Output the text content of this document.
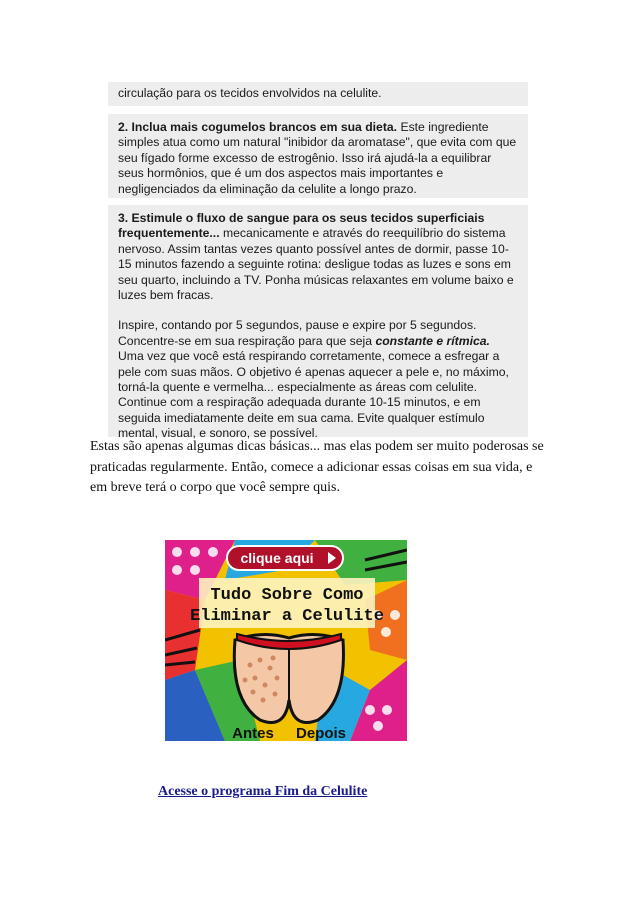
circulação para os tecidos envolvidos na celulite.

2. Inclua mais cogumelos brancos em sua dieta. Este ingrediente simples atua como um natural "inibidor da aromatase", que evita com que seu fígado forme excesso de estrogênio. Isso irá ajudá-la a equilibrar seus hormônios, que é um dos aspectos mais importantes e negligenciados da eliminação da celulite a longo prazo.

3. Estimule o fluxo de sangue para os seus tecidos superficiais frequentemente... mecanicamente e através do reequilíbrio do sistema nervoso. Assim tantas vezes quanto possível antes de dormir, passe 10-15 minutos fazendo a seguinte rotina: desligue todas as luzes e sons em seu quarto, incluindo a TV. Ponha músicas relaxantes em volume baixo e luzes bem fracas.

Inspire, contando por 5 segundos, pause e expire por 5 segundos. Concentre-se em sua respiração para que seja constante e rítmica. Uma vez que você está respirando corretamente, comece a esfregar a pele com suas mãos. O objetivo é apenas aquecer a pele e, no máximo, torná-la quente e vermelha... especialmente as áreas com celulite. Continue com a respiração adequada durante 10-15 minutos, e em seguida imediatamente deite em sua cama. Evite qualquer estímulo mental, visual, e sonoro, se possível.

Estas são apenas algumas dicas básicas... mas elas podem ser muito poderosas se praticadas regularmente. Então, comece a adicionar essas coisas em sua vida, e em breve terá o corpo que você sempre quis.

clique aqui
Tudo Sobre Como
Eliminar a Celulite
Antes Depois
Acesse o programa Fim da Celulite
